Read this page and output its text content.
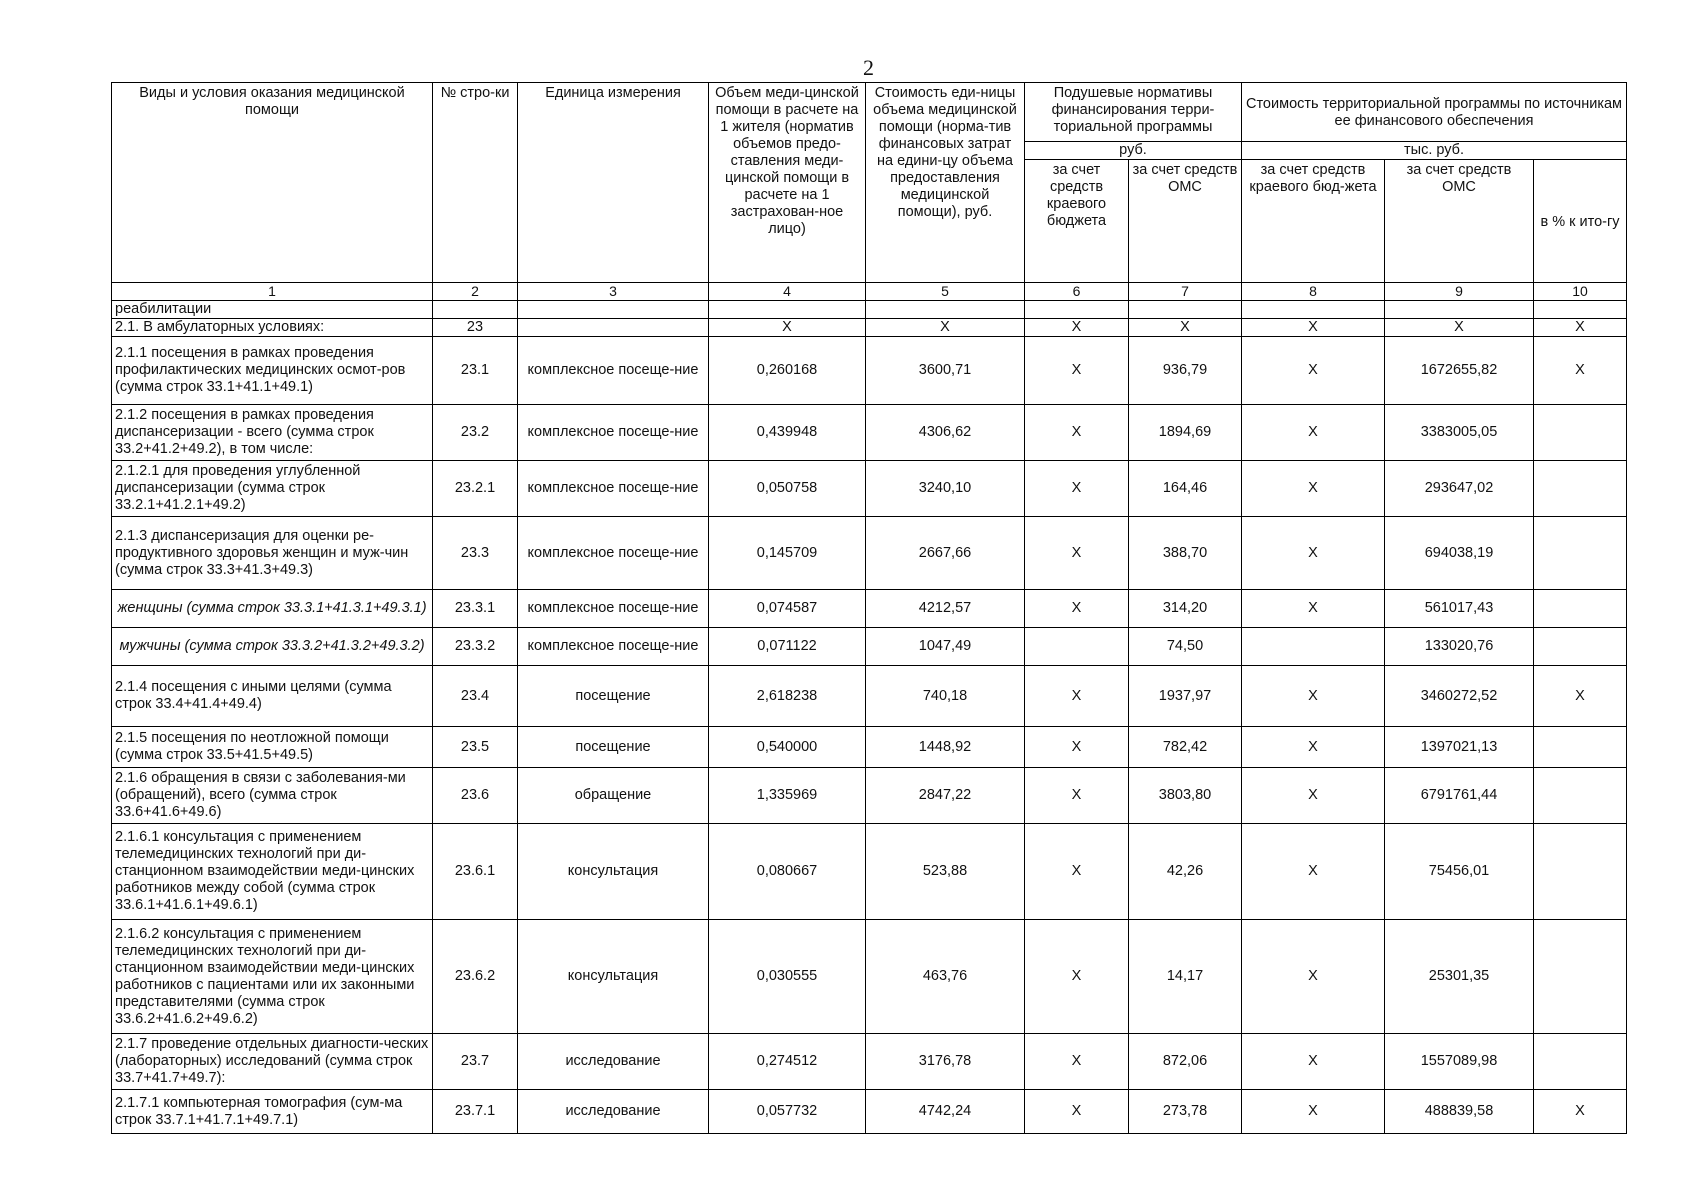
2
Виды и условия оказания медицинской помощи	№ стро-ки	Единица измерения	Объем меди-цинской помощи в расчете на 1 жителя (норматив объемов предо-ставления меди-цинской помощи в расчете на 1 застрахован-ное лицо)	Стоимость еди-ницы объема медицинской помощи (норма-тив финансовых затрат на едини-цу объема предоставления медицинской помощи), руб.	Подушевые нормативы финансирования терри-ториальной программы		Стоимость территориальной программы по источникам ее финансового обеспечения		
					руб.		тыс. руб.		
					за счет средств краевого бюджета	за счет средств ОМС	за счет средств краевого бюд-жета	за счет средств ОМС	в % к ито-гу
1	2	3	4	5	6	7	8	9	10
реабилитации									
2.1. В амбулаторных условиях:	23		Х	Х	Х	Х	Х	Х	Х
2.1.1 посещения в рамках проведения профилактических медицинских осмот-ров (сумма строк 33.1+41.1+49.1)	23.1	комплексное посеще-ние	0,260168	3600,71	Х	936,79	Х	1672655,82	Х
2.1.2 посещения в рамках проведения диспансеризации - всего (сумма строк 33.2+41.2+49.2), в том числе:	23.2	комплексное посеще-ние	0,439948	4306,62	Х	1894,69	Х	3383005,05	
2.1.2.1 для проведения углубленной диспансеризации (сумма строк 33.2.1+41.2.1+49.2)	23.2.1	комплексное посеще-ние	0,050758	3240,10	Х	164,46	Х	293647,02	
2.1.3 диспансеризация для оценки ре-продуктивного здоровья женщин и муж-чин (сумма строк 33.3+41.3+49.3)	23.3	комплексное посеще-ние	0,145709	2667,66	Х	388,70	Х	694038,19	
женщины (сумма строк 33.3.1+41.3.1+49.3.1)	23.3.1	комплексное посеще-ние	0,074587	4212,57	Х	314,20	Х	561017,43	
мужчины (сумма строк 33.3.2+41.3.2+49.3.2)	23.3.2	комплексное посеще-ние	0,071122	1047,49		74,50		133020,76	
2.1.4 посещения с иными целями (сумма строк 33.4+41.4+49.4)	23.4	посещение	2,618238	740,18	Х	1937,97	Х	3460272,52	Х
2.1.5 посещения по неотложной помощи (сумма строк 33.5+41.5+49.5)	23.5	посещение	0,540000	1448,92	Х	782,42	Х	1397021,13	
2.1.6 обращения в связи с заболевания-ми (обращений), всего (сумма строк 33.6+41.6+49.6)	23.6	обращение	1,335969	2847,22	Х	3803,80	Х	6791761,44	
2.1.6.1 консультация с применением телемедицинских технологий при ди-станционном взаимодействии меди-цинских работников между собой (сумма строк 33.6.1+41.6.1+49.6.1)	23.6.1	консультация	0,080667	523,88	Х	42,26	Х	75456,01	
2.1.6.2 консультация с применением телемедицинских технологий при ди-станционном взаимодействии меди-цинских работников с пациентами или их законными представителями (сумма строк 33.6.2+41.6.2+49.6.2)	23.6.2	консультация	0,030555	463,76	Х	14,17	Х	25301,35	
2.1.7 проведение отдельных диагности-ческих (лабораторных) исследований (сумма строк 33.7+41.7+49.7):	23.7	исследование	0,274512	3176,78	Х	872,06	Х	1557089,98	
2.1.7.1 компьютерная томография (сум-ма строк 33.7.1+41.7.1+49.7.1)	23.7.1	исследование	0,057732	4742,24	Х	273,78	Х	488839,58	Х
